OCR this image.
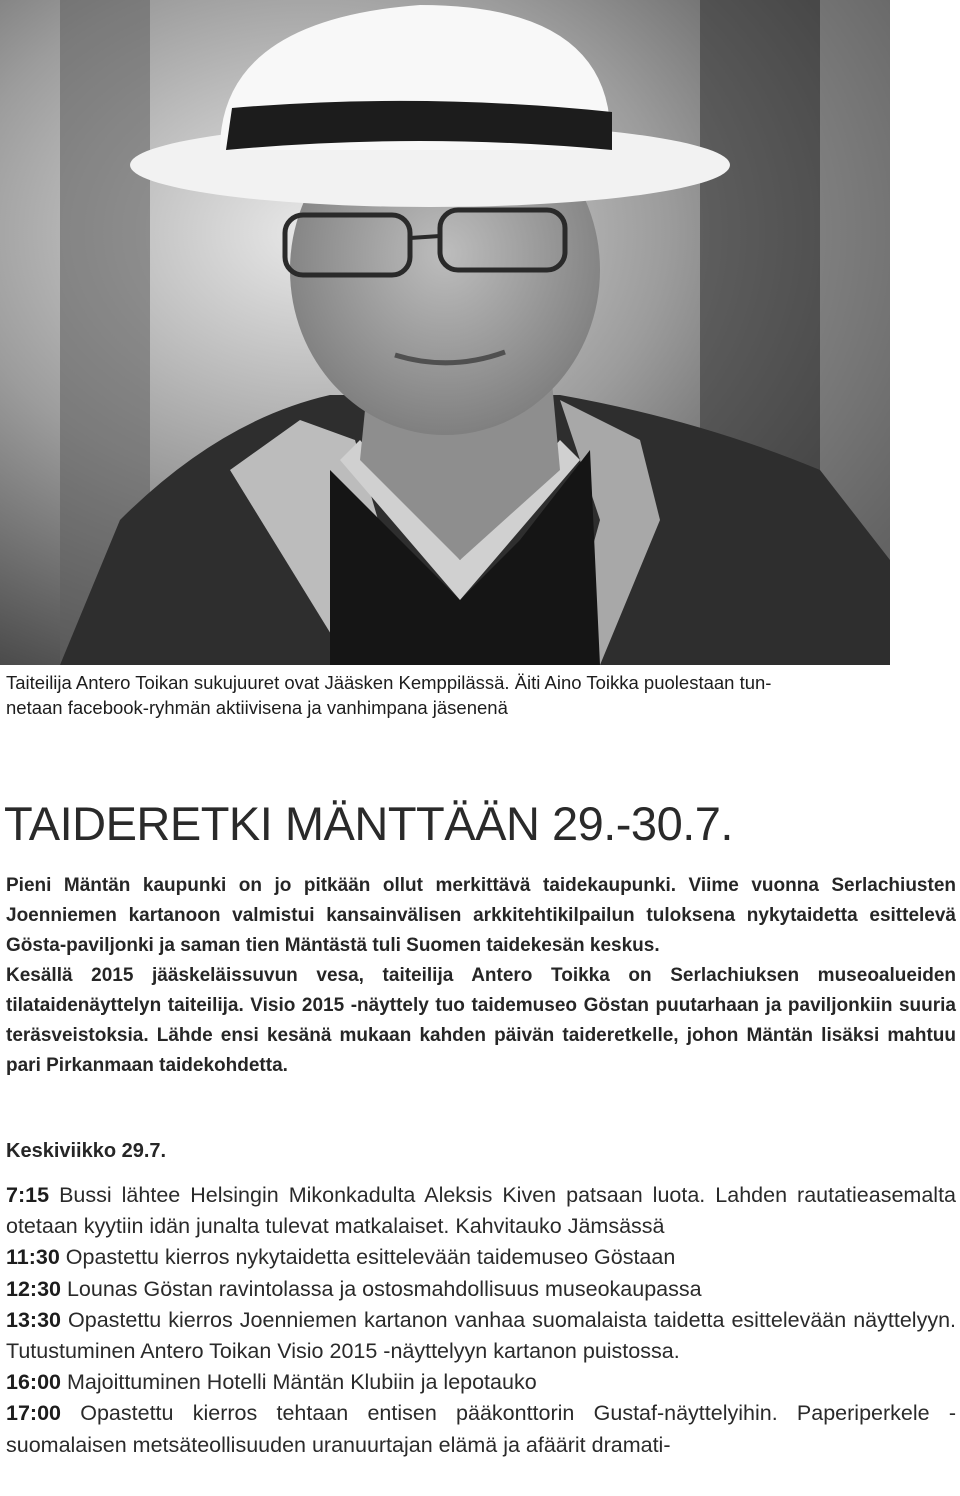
Taiteilija Antero Toikan sukujuuret ovat Jääsken Kemppilässä. Äiti Aino Toikka puolestaan tun-

netaan facebook-ryhmän aktiivisena ja vanhimpana jäsenenä

TAIDERETKI MÄNTTÄÄN 29.-30.7.

Pieni Mäntän kaupunki on jo pitkään ollut merkittävä taidekaupunki. Viime vuonna Serlachiusten Joenniemen kartanoon valmistui kansainvälisen arkkitehtikilpailun tuloksena nykytaidetta esittelevä Gösta-paviljonki ja saman tien Mäntästä tuli Suomen taidekesän keskus.

Kesällä 2015 jääskeläissuvun vesa, taiteilija Antero Toikka on Serlachiuksen museoalueiden tilataidenäyttelyn taiteilija. Visio 2015 -näyttely tuo taidemuseo Göstan puutarhaan ja paviljonkiin suuria teräsveistoksia. Lähde ensi kesänä mukaan kahden päivän taideretkelle, johon Mäntän lisäksi mahtuu pari Pirkanmaan taidekohdetta.

Keskiviikko 29.7.

7:15 Bussi lähtee Helsingin Mikonkadulta Aleksis Kiven patsaan luota. Lahden rautatieasemalta otetaan kyytiin idän junalta tulevat matkalaiset. Kahvitauko Jämsässä

11:30 Opastettu kierros nykytaidetta esittelevään taidemuseo Göstaan

12:30 Lounas Göstan ravintolassa ja ostosmahdollisuus museokaupassa

13:30 Opastettu kierros Joenniemen kartanon vanhaa suomalaista taidetta esittelevään näyttelyyn. Tutustuminen Antero Toikan Visio 2015 -näyttelyyn kartanon puistossa.

16:00 Majoittuminen Hotelli Mäntän Klubiin ja lepotauko

17:00 Opastettu kierros tehtaan entisen pääkonttorin Gustaf-näyttelyihin. Paperiperkele - suomalaisen metsäteollisuuden uranuurtajan elämä ja afäärit dramati-
